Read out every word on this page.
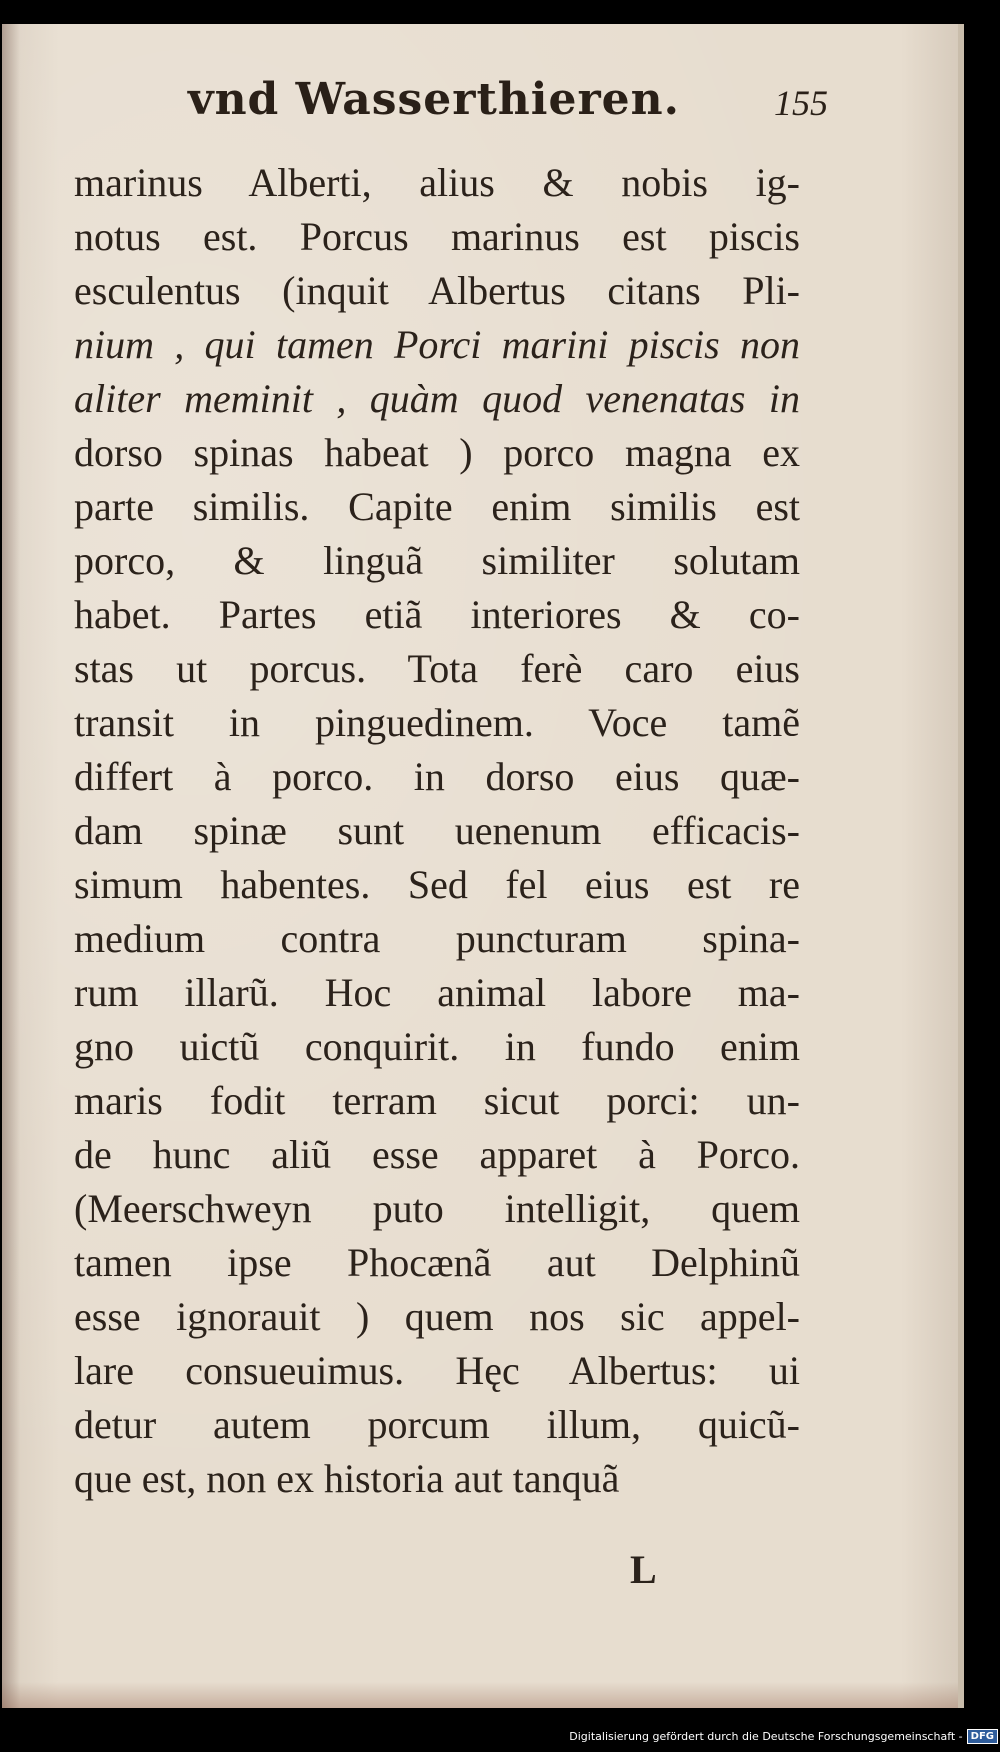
vnd Wasserthieren.	155
marinus Alberti, alius & nobis ig-
notus est. Porcus marinus est piscis
esculentus (inquit Albertus citans Pli-
nium , qui tamen Porci marini piscis non
aliter meminit , quàm quod venenatas in
dorso spinas habeat ) porco magna ex
parte similis. Capite enim similis est
porco, & linguã similiter solutam
habet. Partes etiã interiores & co-
stas ut porcus. Tota ferè caro eius
transit in pinguedinem. Voce tamẽ
differt à porco. in dorso eius quæ-
dam spinæ sunt uenenum efficacis-
simum habentes. Sed fel eius est re
medium contra puncturam spina-
rum illarũ. Hoc animal labore ma-
gno uictũ conquirit. in fundo enim
maris fodit terram sicut porci: un-
de hunc aliũ esse apparet à Porco.
(Meerschweyn puto intelligit, quem
tamen ipse Phocænã aut Delphinũ
esse ignorauit ) quem nos sic appel-
lare consueuimus. Hęc Albertus: ui
detur autem porcum illum, quicũ-
que est, non ex historia aut tanquã
L
Digitalisierung gefördert durch die Deutsche Forschungsgemeinschaft - DFG
